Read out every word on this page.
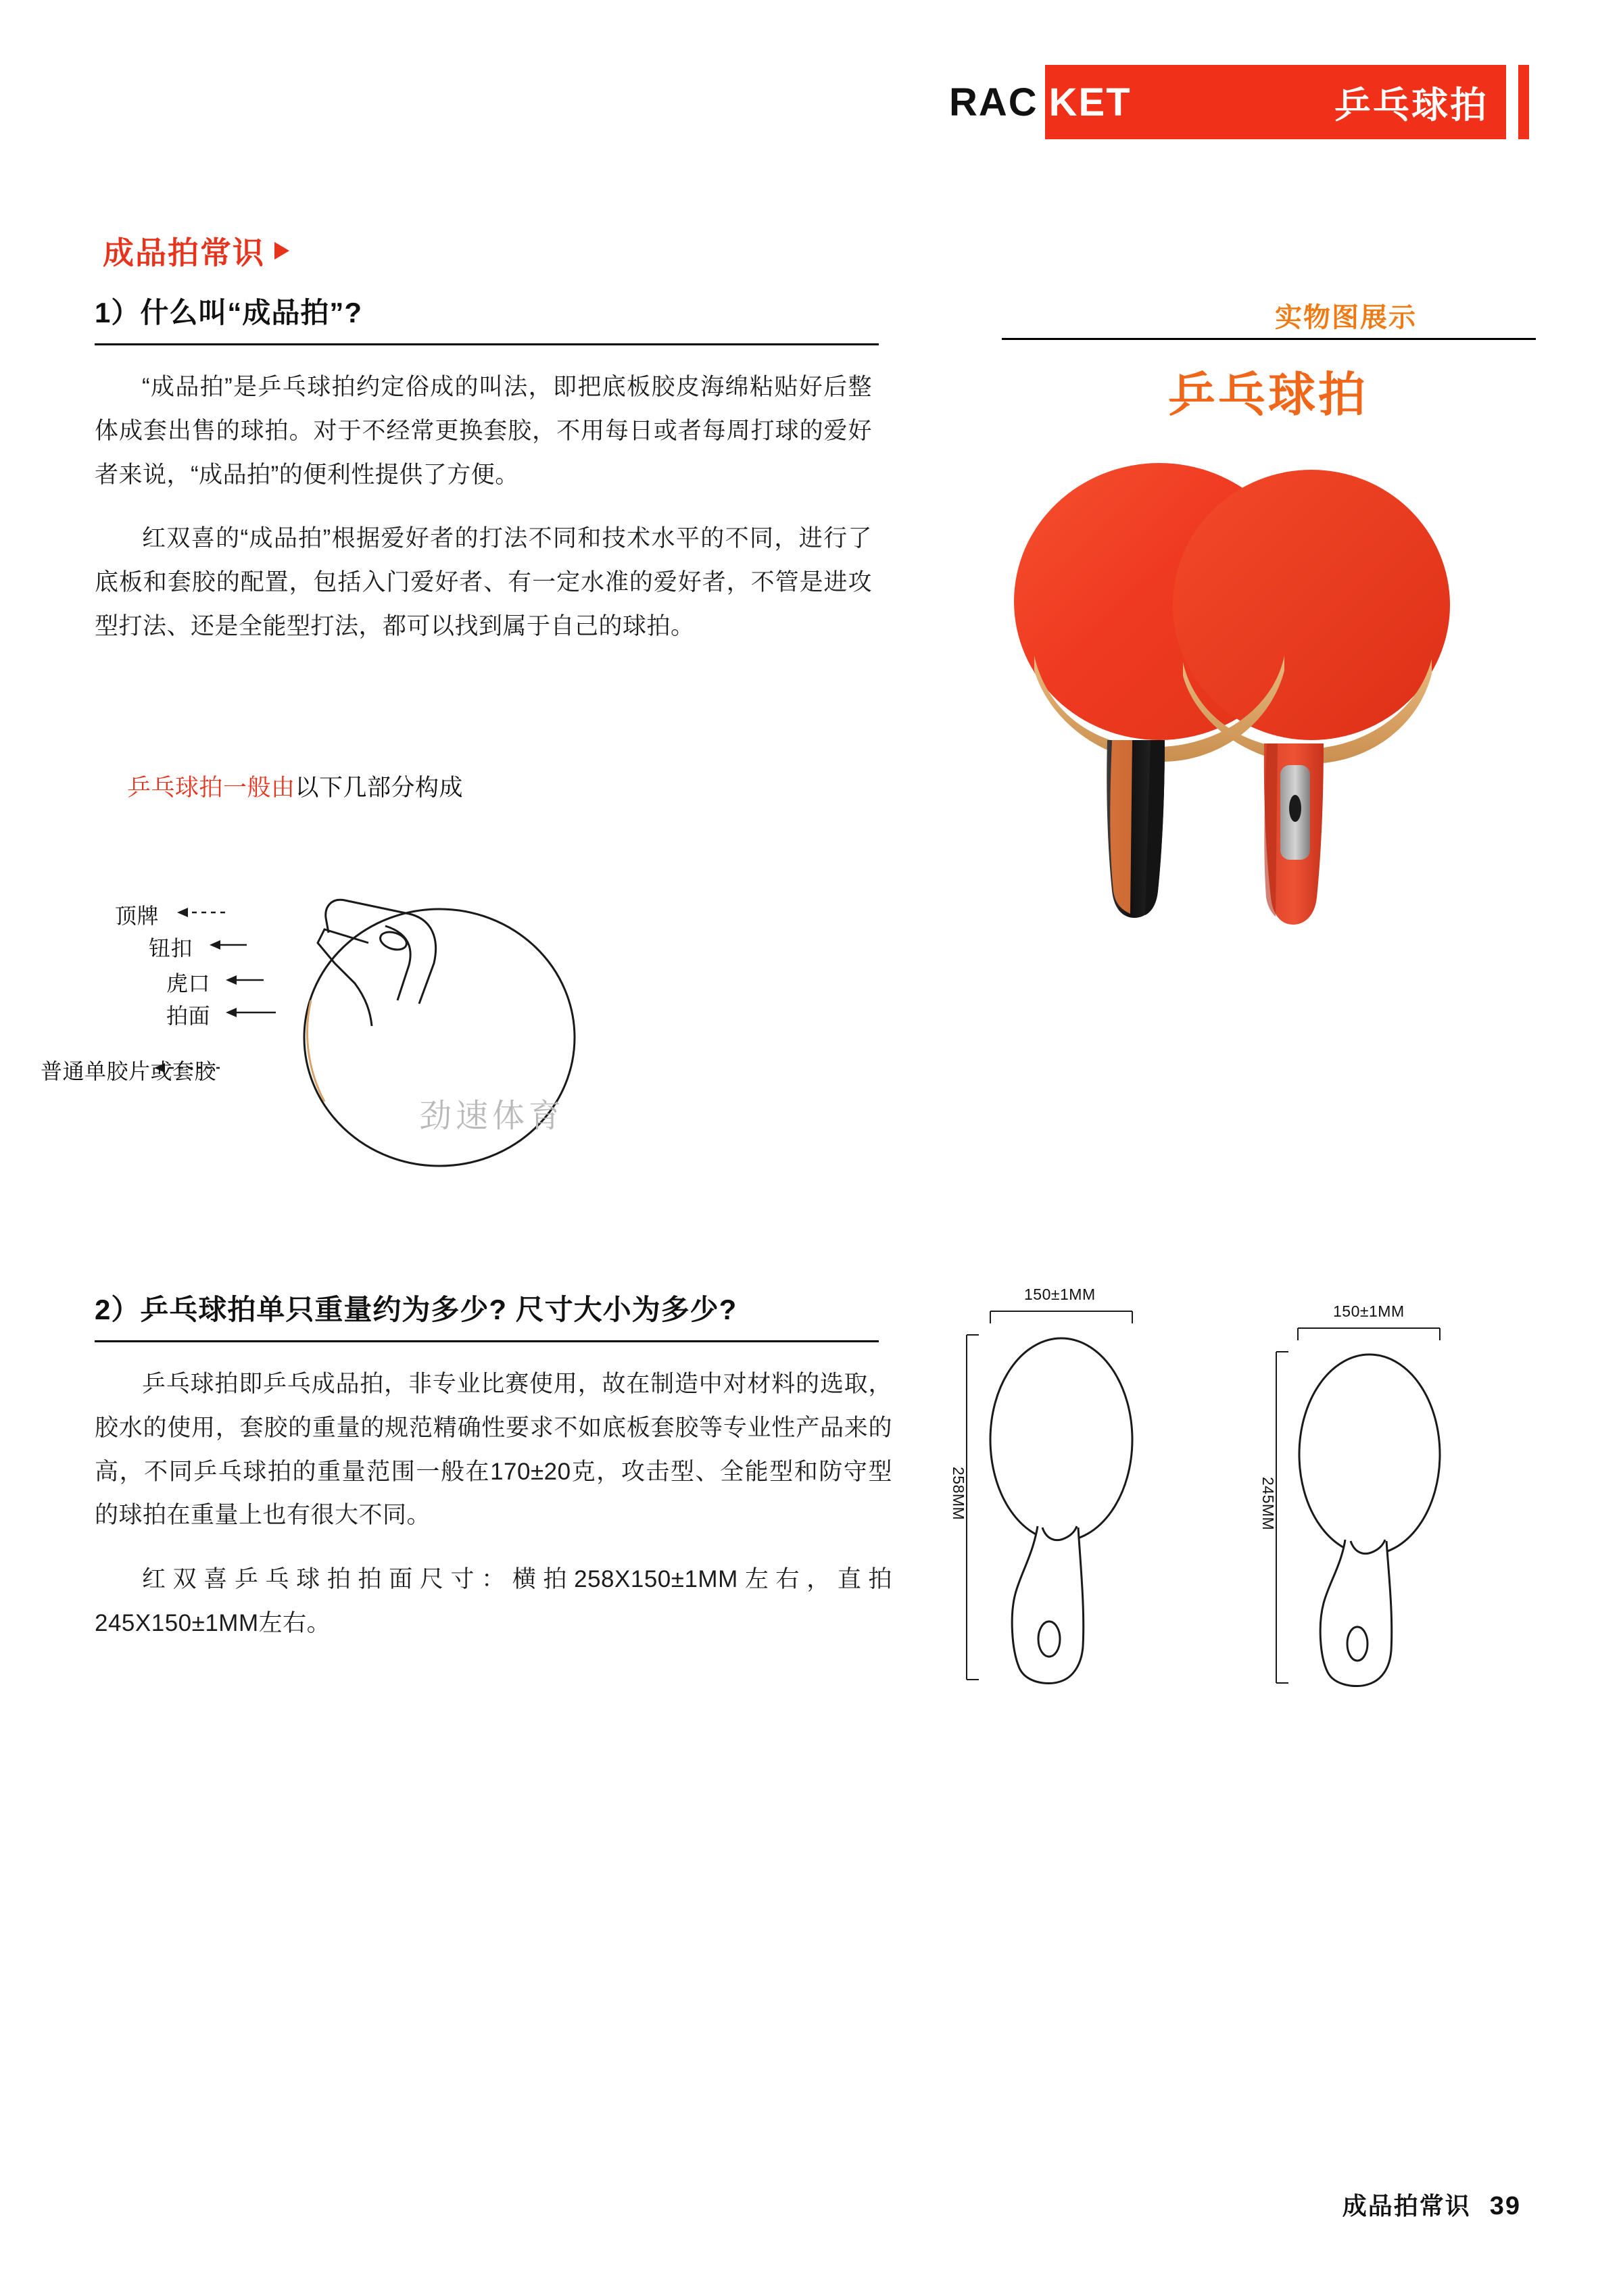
RAC KET	乒乓球拍
成品拍常识
1）什么叫“成品拍”?
“成品拍”是乒乓球拍约定俗成的叫法，即把底板胶皮海绵粘贴好后整体成套出售的球拍。对于不经常更换套胶，不用每日或者每周打球的爱好者来说，“成品拍”的便利性提供了方便。
红双喜的“成品拍”根据爱好者的打法不同和技术水平的不同，进行了底板和套胶的配置，包括入门爱好者、有一定水准的爱好者，不管是进攻型打法、还是全能型打法，都可以找到属于自己的球拍。
乒乓球拍一般由以下几部分构成
顶牌
钮扣
虎口
拍面
普通单胶片或套胶
劲速体育
实物图展示
乒乓球拍
2）乒乓球拍单只重量约为多少? 尺寸大小为多少?
乒乓球拍即乒乓成品拍，非专业比赛使用，故在制造中对材料的选取，胶水的使用，套胶的重量的规范精确性要求不如底板套胶等专业性产品来的高，不同乒乓球拍的重量范围一般在170±20克，攻击型、全能型和防守型的球拍在重量上也有很大不同。
红双喜乒乓球拍拍面尺寸：横拍258X150±1MM左右，直拍245X150±1MM左右。
150±1MM
258MM
150±1MM
245MM
成品拍常识 39
